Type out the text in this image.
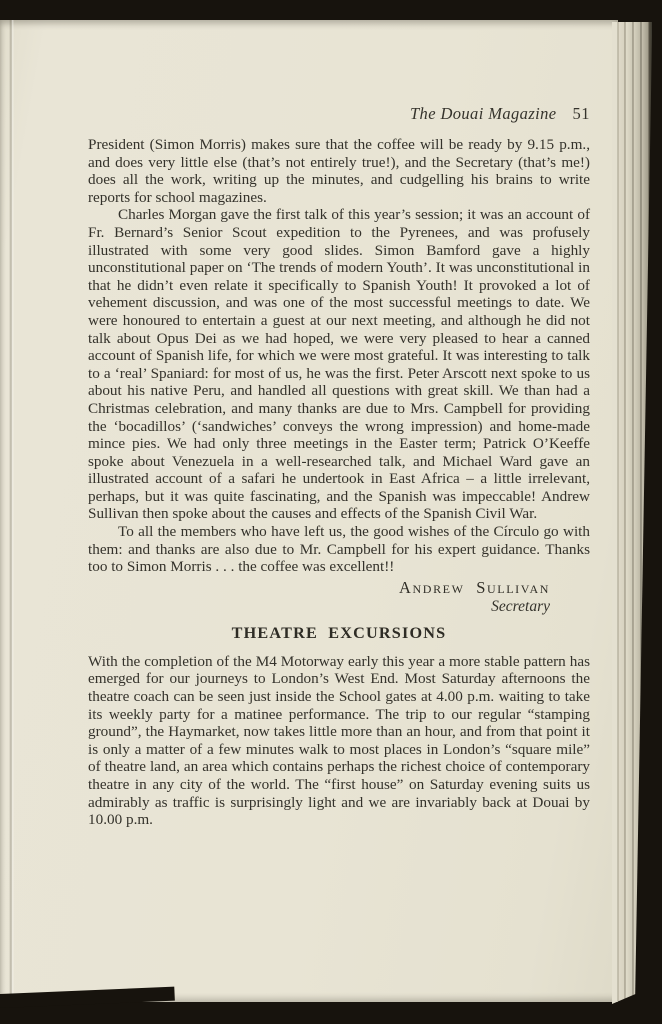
The Douai Magazine 51

President (Simon Morris) makes sure that the coffee will be ready by 9.15 p.m., and does very little else (that’s not entirely true!), and the Secretary (that’s me!) does all the work, writing up the minutes, and cudgelling his brains to write reports for school magazines.

Charles Morgan gave the first talk of this year’s session; it was an account of Fr. Bernard’s Senior Scout expedition to the Pyrenees, and was profusely illustrated with some very good slides. Simon Bamford gave a highly unconstitutional paper on ‘The trends of modern Youth’. It was unconstitutional in that he didn’t even relate it specifically to Spanish Youth! It provoked a lot of vehement discussion, and was one of the most successful meetings to date. We were honoured to entertain a guest at our next meeting, and although he did not talk about Opus Dei as we had hoped, we were very pleased to hear a canned account of Spanish life, for which we were most grateful. It was interesting to talk to a ‘real’ Spaniard: for most of us, he was the first. Peter Arscott next spoke to us about his native Peru, and handled all questions with great skill. We than had a Christmas celebration, and many thanks are due to Mrs. Campbell for providing the ‘bocadillos’ (‘sandwiches’ conveys the wrong impression) and home-made mince pies. We had only three meetings in the Easter term; Patrick O’Keeffe spoke about Venezuela in a well-researched talk, and Michael Ward gave an illustrated account of a safari he undertook in East Africa – a little irrelevant, perhaps, but it was quite fascinating, and the Spanish was impeccable! Andrew Sullivan then spoke about the causes and effects of the Spanish Civil War.

To all the members who have left us, the good wishes of the Círculo go with them: and thanks are also due to Mr. Campbell for his expert guidance. Thanks too to Simon Morris . . . the coffee was excellent!!

Andrew Sullivan
Secretary
THEATRE EXCURSIONS

With the completion of the M4 Motorway early this year a more stable pattern has emerged for our journeys to London’s West End. Most Saturday afternoons the theatre coach can be seen just inside the School gates at 4.00 p.m. waiting to take its weekly party for a matinee performance. The trip to our regular “stamping ground”, the Haymarket, now takes little more than an hour, and from that point it is only a matter of a few minutes walk to most places in London’s “square mile” of theatre land, an area which contains perhaps the richest choice of contemporary theatre in any city of the world. The “first house” on Saturday evening suits us admirably as traffic is surprisingly light and we are invariably back at Douai by 10.00 p.m.
